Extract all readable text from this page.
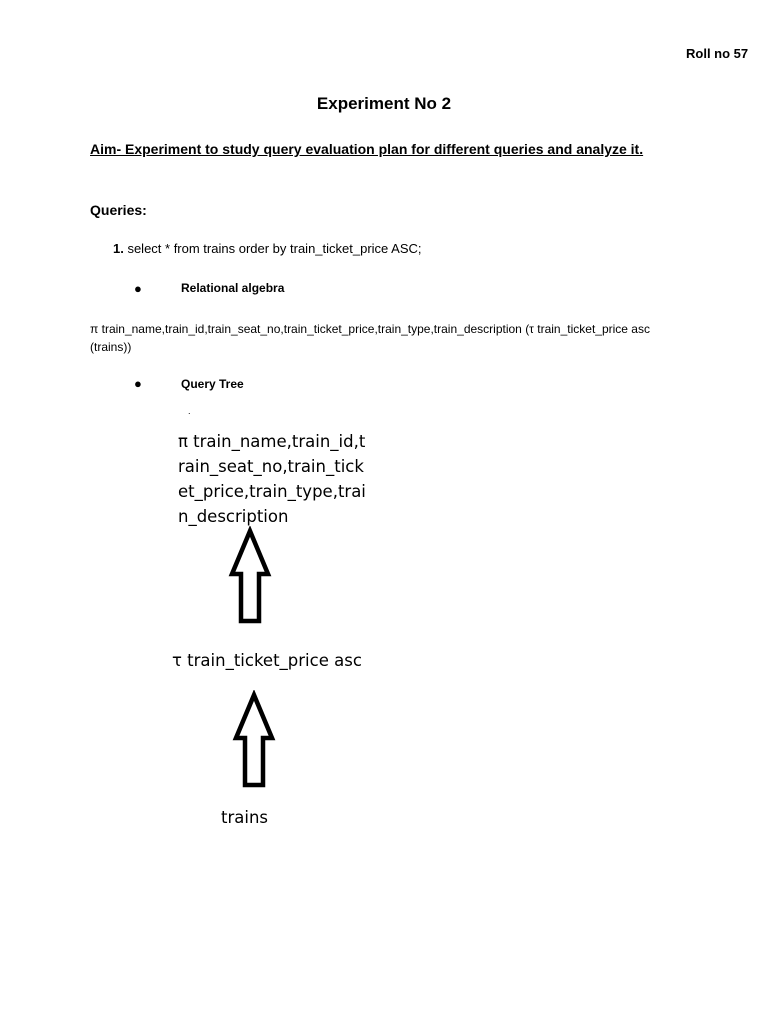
Roll no 57
Experiment No 2
Aim- Experiment to study query evaluation plan for different queries and analyze it.
Queries:
1. select * from trains order by train_ticket_price ASC;
●	Relational algebra
π train_name,train_id,train_seat_no,train_ticket_price,train_type,train_description (τ train_ticket_price asc (trains))
●	Query Tree
.
π train_name,train_id,t
rain_seat_no,train_tick
et_price,train_type,trai
n_description
τ train_ticket_price asc
trains
